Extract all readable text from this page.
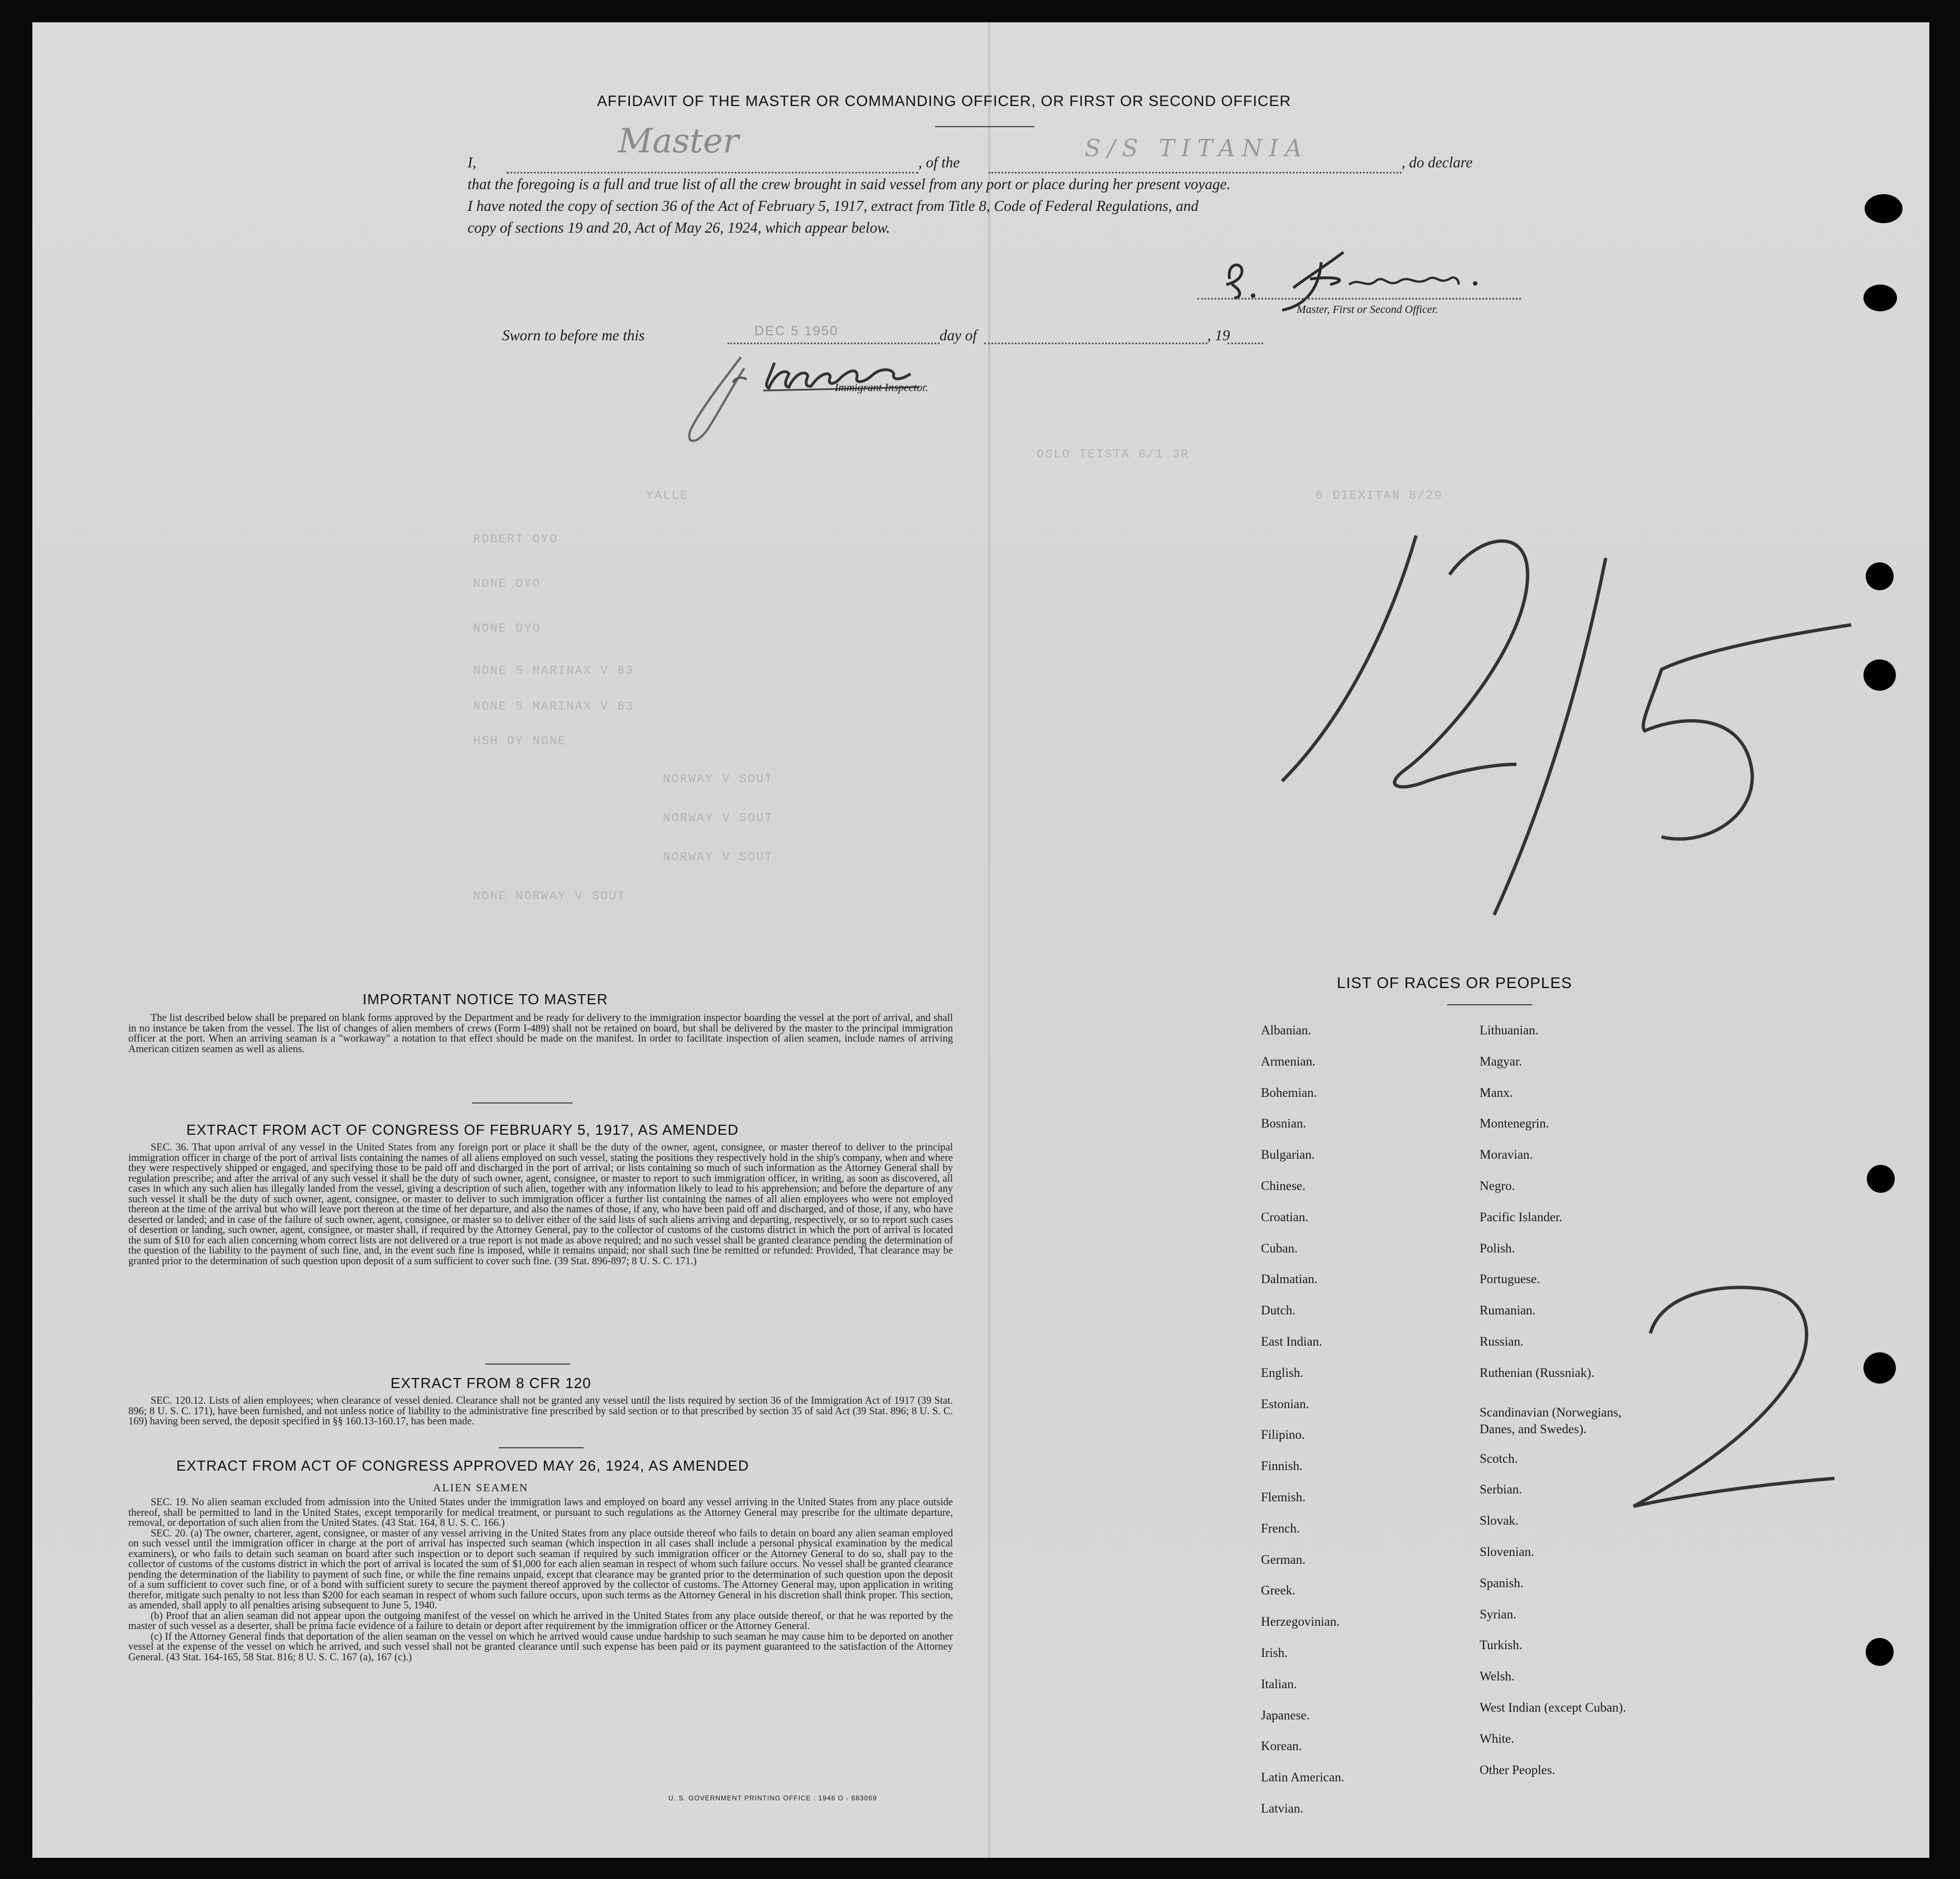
AFFIDAVIT OF THE MASTER OR COMMANDING OFFICER, OR FIRST OR SECOND OFFICER
I,
Master
, of the
S/S TITANIA
, do declare
that the foregoing is a full and true list of all the crew brought in said vessel from any port or place during her present voyage.
I have noted the copy of section 36 of the Act of February 5, 1917, extract from Title 8, Code of Federal Regulations, and
copy of sections 19 and 20, Act of May 26, 1924, which appear below.
Master, First or Second Officer.
Sworn to before me this	DEC 5 1950	day of	, 19
Immigrant Inspector.
OSLO TEISTA 8/1 3R
6 DIEXITAN 8/29
YALLE
ROBERT OYO
NONE OYO
NONE OYO
NONE 5 MARINAX V 83
NONE 5 MARINAX V 83
HSH OY NONE
NORWAY V SOUT
NORWAY V SOUT
NORWAY V SOUT
NONE NORWAY V SOUT
IMPORTANT NOTICE TO MASTER

The list described below shall be prepared on blank forms approved by the Department and be ready for delivery to the immigration inspector boarding the vessel at the port of arrival, and shall in no instance be taken from the vessel. The list of changes of alien members of crews (Form I-489) shall not be retained on board, but shall be delivered by the master to the principal immigration officer at the port. When an arriving seaman is a "workaway" a notation to that effect should be made on the manifest. In order to facilitate inspection of alien seamen, include names of arriving American citizen seamen as well as aliens.

EXTRACT FROM ACT OF CONGRESS OF FEBRUARY 5, 1917, AS AMENDED

SEC. 36. That upon arrival of any vessel in the United States from any foreign port or place it shall be the duty of the owner, agent, consignee, or master thereof to deliver to the principal immigration officer in charge of the port of arrival lists containing the names of all aliens employed on such vessel, stating the positions they respectively hold in the ship's company, when and where they were respectively shipped or engaged, and specifying those to be paid off and discharged in the port of arrival; or lists containing so much of such information as the Attorney General shall by regulation prescribe; and after the arrival of any such vessel it shall be the duty of such owner, agent, consignee, or master to report to such immigration officer, in writing, as soon as discovered, all cases in which any such alien has illegally landed from the vessel, giving a description of such alien, together with any information likely to lead to his apprehension; and before the departure of any such vessel it shall be the duty of such owner, agent, consignee, or master to deliver to such immigration officer a further list containing the names of all alien employees who were not employed thereon at the time of the arrival but who will leave port thereon at the time of her departure, and also the names of those, if any, who have been paid off and discharged, and of those, if any, who have deserted or landed; and in case of the failure of such owner, agent, consignee, or master so to deliver either of the said lists of such aliens arriving and departing, respectively, or so to report such cases of desertion or landing, such owner, agent, consignee, or master shall, if required by the Attorney General, pay to the collector of customs of the customs district in which the port of arrival is located the sum of $10 for each alien concerning whom correct lists are not delivered or a true report is not made as above required; and no such vessel shall be granted clearance pending the determination of the question of the liability to the payment of such fine, and, in the event such fine is imposed, while it remains unpaid; nor shall such fine be remitted or refunded: Provided, That clearance may be granted prior to the determination of such question upon deposit of a sum sufficient to cover such fine. (39 Stat. 896-897; 8 U. S. C. 171.)

EXTRACT FROM 8 CFR 120

SEC. 120.12. Lists of alien employees; when clearance of vessel denied. Clearance shall not be granted any vessel until the lists required by section 36 of the Immigration Act of 1917 (39 Stat. 896; 8 U. S. C. 171), have been furnished, and not unless notice of liability to the administrative fine prescribed by said section or to that prescribed by section 35 of said Act (39 Stat. 896; 8 U. S. C. 169) having been served, the deposit specified in §§ 160.13-160.17, has been made.

EXTRACT FROM ACT OF CONGRESS APPROVED MAY 26, 1924, AS AMENDED
ALIEN SEAMEN

SEC. 19. No alien seaman excluded from admission into the United States under the immigration laws and employed on board any vessel arriving in the United States from any place outside thereof, shall be permitted to land in the United States, except temporarily for medical treatment, or pursuant to such regulations as the Attorney General may prescribe for the ultimate departure, removal, or deportation of such alien from the United States. (43 Stat. 164, 8 U. S. C. 166.)

SEC. 20. (a) The owner, charterer, agent, consignee, or master of any vessel arriving in the United States from any place outside thereof who fails to detain on board any alien seaman employed on such vessel until the immigration officer in charge at the port of arrival has inspected such seaman (which inspection in all cases shall include a personal physical examination by the medical examiners), or who fails to detain such seaman on board after such inspection or to deport such seaman if required by such immigration officer or the Attorney General to do so, shall pay to the collector of customs of the customs district in which the port of arrival is located the sum of $1,000 for each alien seaman in respect of whom such failure occurs. No vessel shall be granted clearance pending the determination of the liability to payment of such fine, or while the fine remains unpaid, except that clearance may be granted prior to the determination of such question upon the deposit of a sum sufficient to cover such fine, or of a bond with sufficient surety to secure the payment thereof approved by the collector of customs. The Attorney General may, upon application in writing therefor, mitigate such penalty to not less than $200 for each seaman in respect of whom such failure occurs, upon such terms as the Attorney General in his discretion shall think proper. This section, as amended, shall apply to all penalties arising subsequent to June 5, 1940.

(b) Proof that an alien seaman did not appear upon the outgoing manifest of the vessel on which he arrived in the United States from any place outside thereof, or that he was reported by the master of such vessel as a deserter, shall be prima facie evidence of a failure to detain or deport after requirement by the immigration officer or the Attorney General.

(c) If the Attorney General finds that deportation of the alien seaman on the vessel on which he arrived would cause undue hardship to such seaman he may cause him to be deported on another vessel at the expense of the vessel on which he arrived, and such vessel shall not be granted clearance until such expense has been paid or its payment guaranteed to the satisfaction of the Attorney General. (43 Stat. 164-165, 58 Stat. 816; 8 U. S. C. 167 (a), 167 (c).)

U. S. GOVERNMENT PRINTING OFFICE : 1946 O - 683069
LIST OF RACES OR PEOPLES
Albanian.
Armenian.
Bohemian.
Bosnian.
Bulgarian.
Chinese.
Croatian.
Cuban.
Dalmatian.
Dutch.
East Indian.
English.
Estonian.
Filipino.
Finnish.
Flemish.
French.
German.
Greek.
Herzegovinian.
Irish.
Italian.
Japanese.
Korean.
Latin American.
Latvian.
Lithuanian.
Magyar.
Manx.
Montenegrin.
Moravian.
Negro.
Pacific Islander.
Polish.
Portuguese.
Rumanian.
Russian.
Ruthenian (Russniak).
Scandinavian (Norwegians,
Danes, and Swedes).
Scotch.
Serbian.
Slovak.
Slovenian.
Spanish.
Syrian.
Turkish.
Welsh.
West Indian (except Cuban).
White.
Other Peoples.
